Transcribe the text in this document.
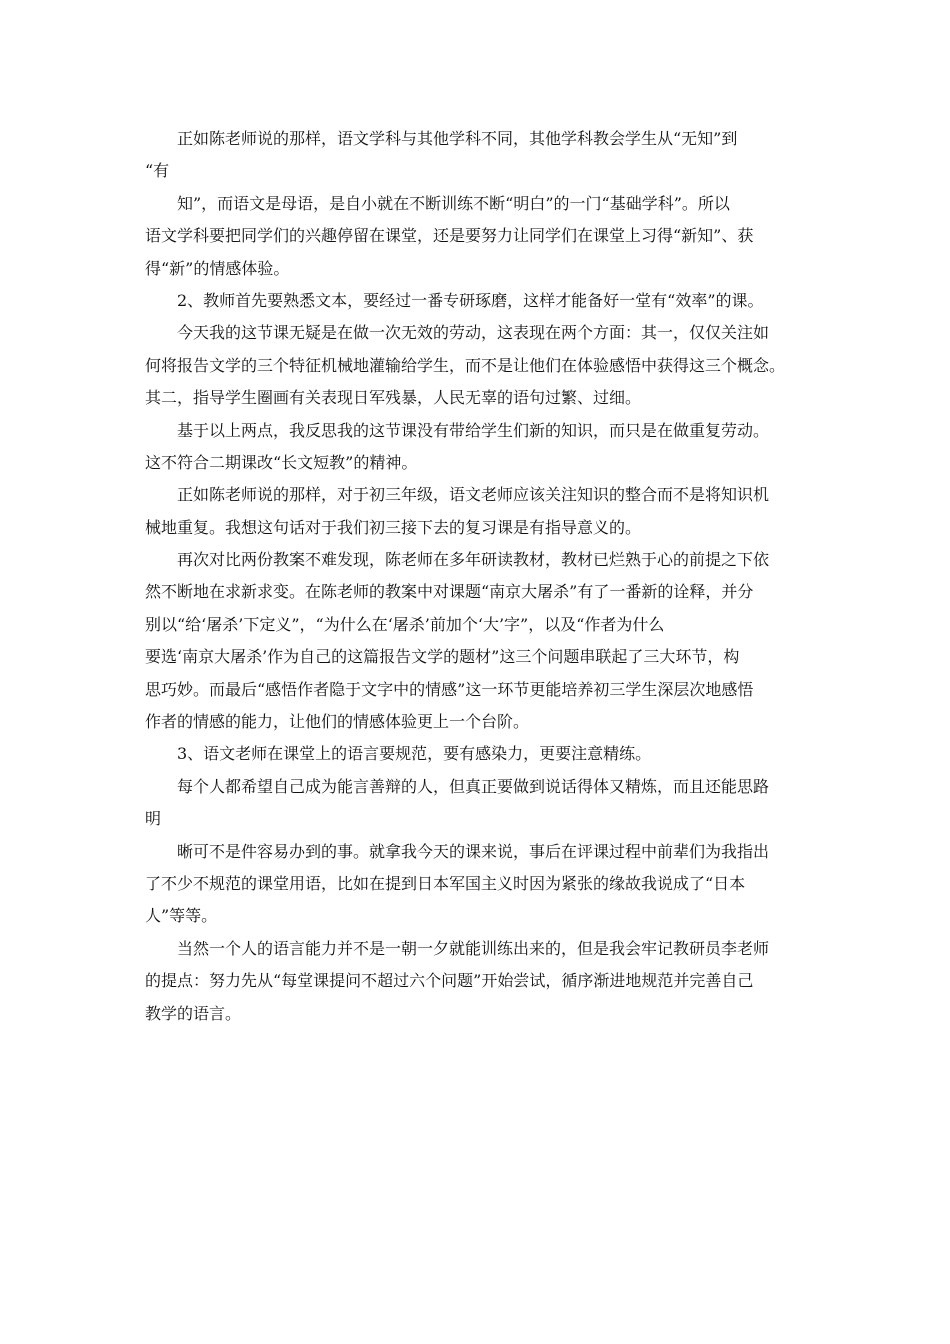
正如陈老师说的那样，语文学科与其他学科不同，其他学科教会学生从“无知”到
“有
知”，而语文是母语，是自小就在不断训练不断“明白”的一门“基础学科”。所以
语文学科要把同学们的兴趣停留在课堂，还是要努力让同学们在课堂上习得“新知”、获
得“新”的情感体验。
2、教师首先要熟悉文本，要经过一番专研琢磨，这样才能备好一堂有“效率”的课。
今天我的这节课无疑是在做一次无效的劳动，这表现在两个方面：其一，仅仅关注如
何将报告文学的三个特征机械地灌输给学生，而不是让他们在体验感悟中获得这三个概念。
其二，指导学生圈画有关表现日军残暴，人民无辜的语句过繁、过细。
基于以上两点，我反思我的这节课没有带给学生们新的知识，而只是在做重复劳动。
这不符合二期课改“长文短教”的精神。
正如陈老师说的那样，对于初三年级，语文老师应该关注知识的整合而不是将知识机
械地重复。我想这句话对于我们初三接下去的复习课是有指导意义的。
再次对比两份教案不难发现，陈老师在多年研读教材，教材已烂熟于心的前提之下依
然不断地在求新求变。在陈老师的教案中对课题“南京大屠杀”有了一番新的诠释，并分
别以“给‘屠杀’下定义”，“为什么在‘屠杀’前加个‘大’字”，以及“作者为什么
要选‘南京大屠杀’作为自己的这篇报告文学的题材”这三个问题串联起了三大环节，构
思巧妙。而最后“感悟作者隐于文字中的情感”这一环节更能培养初三学生深层次地感悟
作者的情感的能力，让他们的情感体验更上一个台阶。
3、语文老师在课堂上的语言要规范，要有感染力，更要注意精练。
每个人都希望自己成为能言善辩的人，但真正要做到说话得体又精炼，而且还能思路
明
晰可不是件容易办到的事。就拿我今天的课来说，事后在评课过程中前辈们为我指出
了不少不规范的课堂用语，比如在提到日本军国主义时因为紧张的缘故我说成了“日本
人”等等。
当然一个人的语言能力并不是一朝一夕就能训练出来的，但是我会牢记教研员李老师
的提点：努力先从“每堂课提问不超过六个问题”开始尝试，循序渐进地规范并完善自己
教学的语言。
